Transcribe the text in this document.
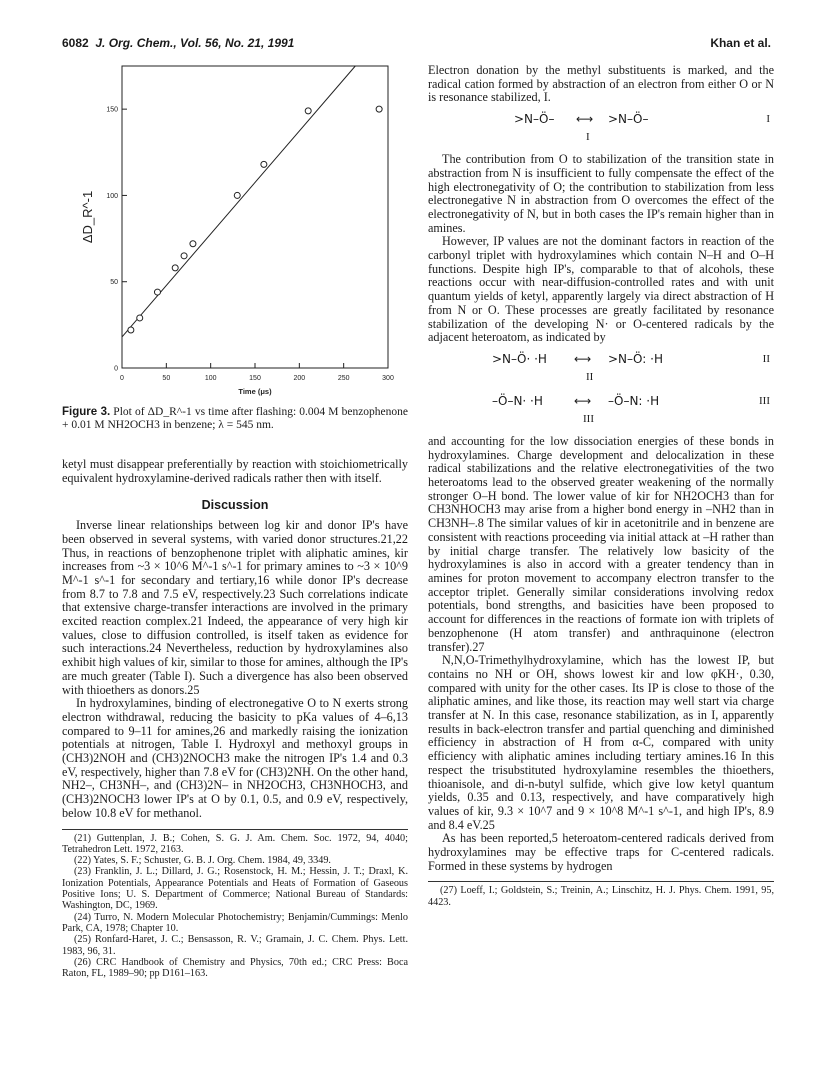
6082 J. Org. Chem., Vol. 56, No. 21, 1991	Khan et al.
0	50	100	150	200	250	300
0
50
100
150
Time (μs)
ΔD_R^-1
Figure 3. Plot of ΔD_R^-1 vs time after flashing: 0.004 M benzophenone + 0.01 M NH2OCH3 in benzene; λ = 545 nm.

ketyl must disappear preferentially by reaction with stoichiometrically equivalent hydroxylamine-derived radicals rather then with itself.

Discussion

Inverse linear relationships between log kir and donor IP's have been observed in several systems, with varied donor structures.21,22 Thus, in reactions of benzophenone triplet with aliphatic amines, kir increases from ~3 × 10^6 M^-1 s^-1 for primary amines to ~3 × 10^9 M^-1 s^-1 for secondary and tertiary,16 while donor IP's decrease from 8.7 to 7.8 and 7.5 eV, respectively.23 Such correlations indicate that extensive charge-transfer interactions are involved in the primary excited reaction complex.21 Indeed, the appearance of very high kir values, close to diffusion controlled, is itself taken as evidence for such interactions.24 Nevertheless, reduction by hydroxylamines also exhibit high values of kir, similar to those for amines, although the IP's are much greater (Table I). Such a divergence has also been observed with thioethers as donors.25

In hydroxylamines, binding of electronegative O to N exerts strong electron withdrawal, reducing the basicity to pKa values of 4–6,13 compared to 9–11 for amines,26 and markedly raising the ionization potentials at nitrogen, Table I. Hydroxyl and methoxyl groups in (CH3)2NOH and (CH3)2NOCH3 make the nitrogen IP's 1.4 and 0.3 eV, respectively, higher than 7.8 eV for (CH3)2NH. On the other hand, NH2–, CH3NH–, and (CH3)2N– in NH2OCH3, CH3NHOCH3, and (CH3)2NOCH3 lower IP's at O by 0.1, 0.5, and 0.9 eV, respectively, below 10.8 eV for methanol.

(21) Guttenplan, J. B.; Cohen, S. G. J. Am. Chem. Soc. 1972, 94, 4040; Tetrahedron Lett. 1972, 2163.

(22) Yates, S. F.; Schuster, G. B. J. Org. Chem. 1984, 49, 3349.

(23) Franklin, J. L.; Dillard, J. G.; Rosenstock, H. M.; Hessin, J. T.; Draxl, K. Ionization Potentials, Appearance Potentials and Heats of Formation of Gaseous Positive Ions; U. S. Department of Commerce; National Bureau of Standards: Washington, DC, 1969.

(24) Turro, N. Modern Molecular Photochemistry; Benjamin/Cummings: Menlo Park, CA, 1978; Chapter 10.

(25) Ronfard-Haret, J. C.; Bensasson, R. V.; Gramain, J. C. Chem. Phys. Lett. 1983, 96, 31.

(26) CRC Handbook of Chemistry and Physics, 70th ed.; CRC Press: Boca Raton, FL, 1989–90; pp D161–163.

Electron donation by the methyl substituents is marked, and the radical cation formed by abstraction of an electron from either O or N is resonance stabilized, I.

>N–Ö– ⟷ >N–Ö–
I
I

The contribution from O to stabilization of the transition state in abstraction from N is insufficient to fully compensate the effect of the high electronegativity of O; the contribution to stabilization from less electronegative N in abstraction from O overcomes the effect of the electronegativity of N, but in both cases the IP's remain higher than in amines.

However, IP values are not the dominant factors in reaction of the carbonyl triplet with hydroxylamines which contain N–H and O–H functions. Despite high IP's, comparable to that of alcohols, these reactions occur with near-diffusion-controlled rates and with unit quantum yields of ketyl, apparently largely via direct abstraction of H from N or O. These processes are greatly facilitated by resonance stabilization of the developing N· or O-centered radicals by the adjacent heteroatom, as indicated by

>N–Ö· ·H ⟷ >N–Ö: ·H
II
II
–Ö–N· ·H	⟷ –Ö–N: ·H
III
III

and accounting for the low dissociation energies of these bonds in hydroxylamines. Charge development and delocalization in these radical stabilizations and the relative electronegativities of the two heteroatoms lead to the observed greater weakening of the normally stronger O–H bond. The lower value of kir for NH2OCH3 than for CH3NHOCH3 may arise from a higher bond energy in –NH2 than in CH3NH–.8 The similar values of kir in acetonitrile and in benzene are consistent with reactions proceeding via initial attack at –H rather than by initial charge transfer. The relatively low basicity of the hydroxylamines is also in accord with a greater tendency than in amines for proton movement to accompany electron transfer to the acceptor triplet. Generally similar considerations involving redox potentials, bond strengths, and basicities have been proposed to account for differences in the reactions of formate ion with triplets of benzophenone (H atom transfer) and anthraquinone (electron transfer).27

N,N,O-Trimethylhydroxylamine, which has the lowest IP, but contains no NH or OH, shows lowest kir and low φKH·, 0.30, compared with unity for the other cases. Its IP is close to those of the aliphatic amines, and like those, its reaction may well start via charge transfer at N. In this case, resonance stabilization, as in I, apparently results in back-electron transfer and partial quenching and diminished efficiency in abstraction of H from α-C, compared with unity efficiency with aliphatic amines including tertiary amines.16 In this respect the trisubstituted hydroxylamine resembles the thioethers, thioanisole, and di-n-butyl sulfide, which give low ketyl quantum yields, 0.35 and 0.13, respectively, and have comparatively high values of kir, 9.3 × 10^7 and 9 × 10^8 M^-1 s^-1, and high IP's, 8.9 and 8.4 eV.25

As has been reported,5 heteroatom-centered radicals derived from hydroxylamines may be effective traps for C-centered radicals. Formed in these systems by hydrogen

(27) Loeff, I.; Goldstein, S.; Treinin, A.; Linschitz, H. J. Phys. Chem. 1991, 95, 4423.
